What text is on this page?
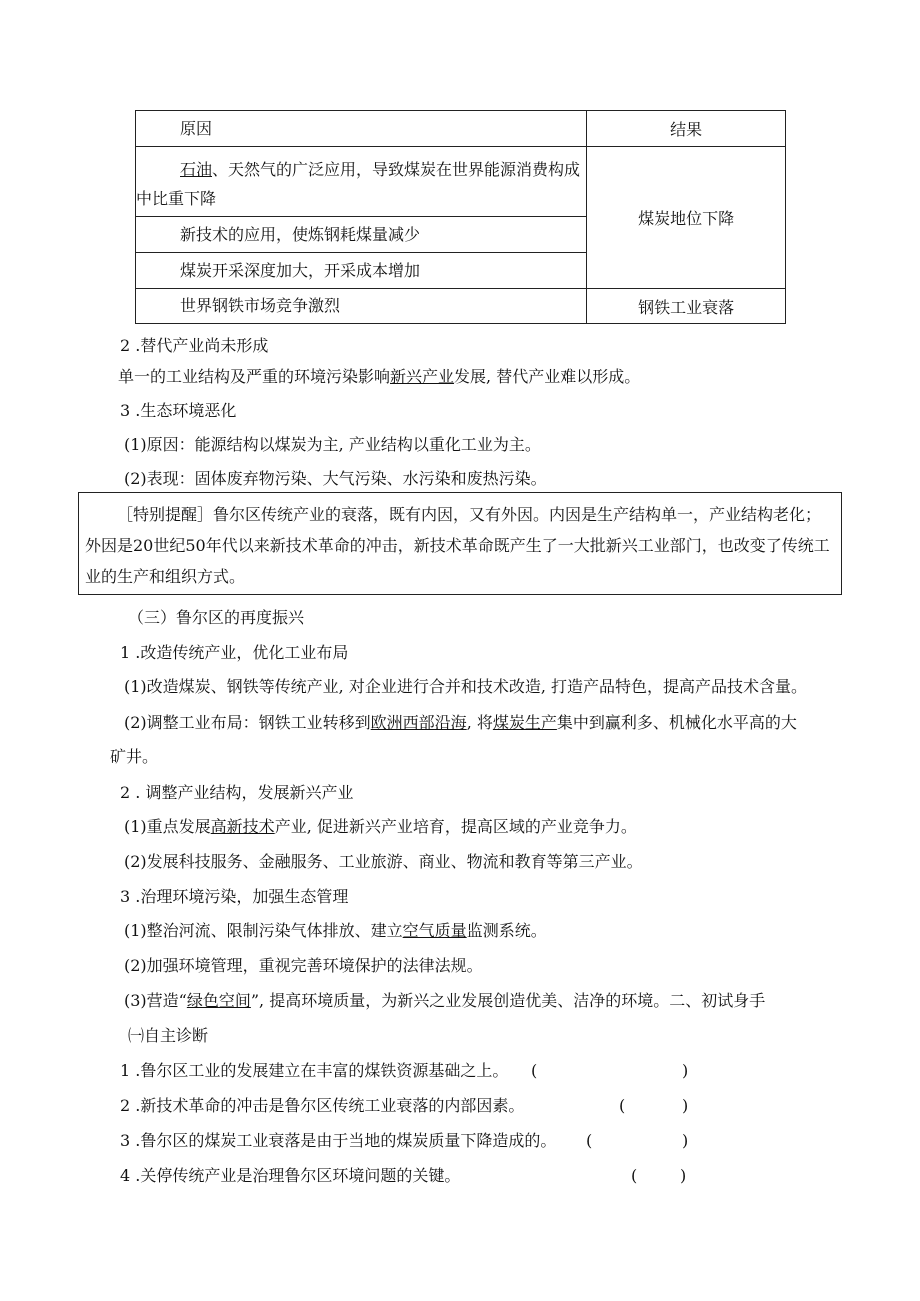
原因	结果

石油、天然气的广泛应用，导致煤炭在世界能源消费构成中比重下降	煤炭地位下降

新技术的应用，使炼钢耗煤量减少	

煤炭开采深度加大，开采成本增加	

世界钢铁市场竞争激烈	钢铁工业衰落
2 .替代产业尚未形成
单一的工业结构及严重的环境污染影响新兴产业发展, 替代产业难以形成。
3 .生态环境恶化
(1)原因：能源结构以煤炭为主, 产业结构以重化工业为主。
(2)表现：固体废弃物污染、大气污染、水污染和废热污染。
［特别提醒］鲁尔区传统产业的衰落，既有内因，又有外因。内因是生产结构单一，产业结构老化；外因是20世纪50年代以来新技术革命的冲击，新技术革命既产生了一大批新兴工业部门，也改变了传统工业的生产和组织方式。
（三）鲁尔区的再度振兴
1 .改造传统产业，优化工业布局
(1)改造煤炭、钢铁等传统产业, 对企业进行合并和技术改造, 打造产品特色，提高产品技术含量。
(2)调整工业布局：钢铁工业转移到欧洲西部沿海, 将煤炭生产集中到赢利多、机械化水平高的大
矿井。
2 . 调整产业结构，发展新兴产业
(1)重点发展高新技术产业, 促进新兴产业培育，提高区域的产业竞争力。
(2)发展科技服务、金融服务、工业旅游、商业、物流和教育等第三产业。
3 .治理环境污染，加强生态管理
(1)整治河流、限制污染气体排放、建立空气质量监测系统。
(2)加强环境管理，重视完善环境保护的法律法规。
(3)营造“绿色空间”, 提高环境质量，为新兴之业发展创造优美、洁净的环境。二、初试身手
㈠自主诊断
1 .鲁尔区工业的发展建立在丰富的煤铁资源基础之上。 (	)
2 .新技术革命的冲击是鲁尔区传统工业衰落的内部因素。	(	)
3 .鲁尔区的煤炭工业衰落是由于当地的煤炭质量下降造成的。 (	)
4 .关停传统产业是治理鲁尔区环境问题的关键。	(	)
